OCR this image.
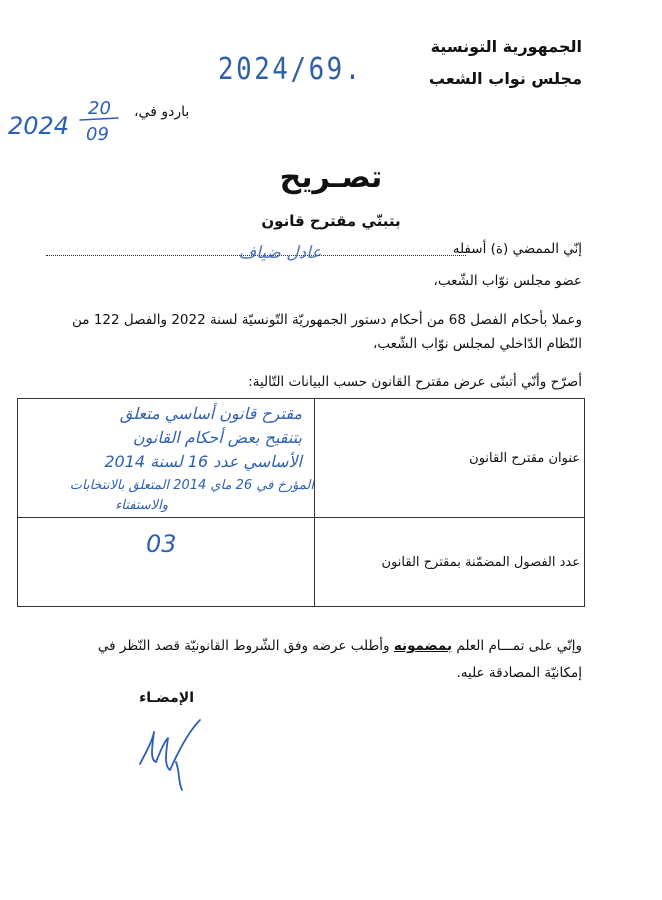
الجمهورية التونسية
مجلس نواب الشعب
2024/69.
باردو في،
2024
20
09
تصـريح
بتبنّي مقترح قانون
إنّي الممضي (ة) أسفله
عادل ضياف
عضو مجلس نوّاب الشّعب،
وعملا بأحكام الفصل 68 من أحكام دستور الجمهوريّة التّونسيّة لسنة 2022 والفصل 122 من
النّظام الدّاخلي لمجلس نوّاب الشّعب،
أصرّح وأنّي أتبنّى عرض مقترح القانون حسب البيانات التّالية:
عنوان مقترح القانون	مقترح قانون أساسي متعلق
بتنقيح بعض أحكام القانون
الأساسي عدد 16 لسنة 2014
المؤرخ في 26 ماي 2014 المتعلق بالانتخابات
والاستفتاء

عدد الفصول المضمّنة بمقترح القانون	03
وإنّي على تمـــام العلم بمضمونه وأطلب عرضه وفق الشّروط القانونيّة قصد النّظر في
إمكانيّة المصادقة عليه.
الإمضـاء
